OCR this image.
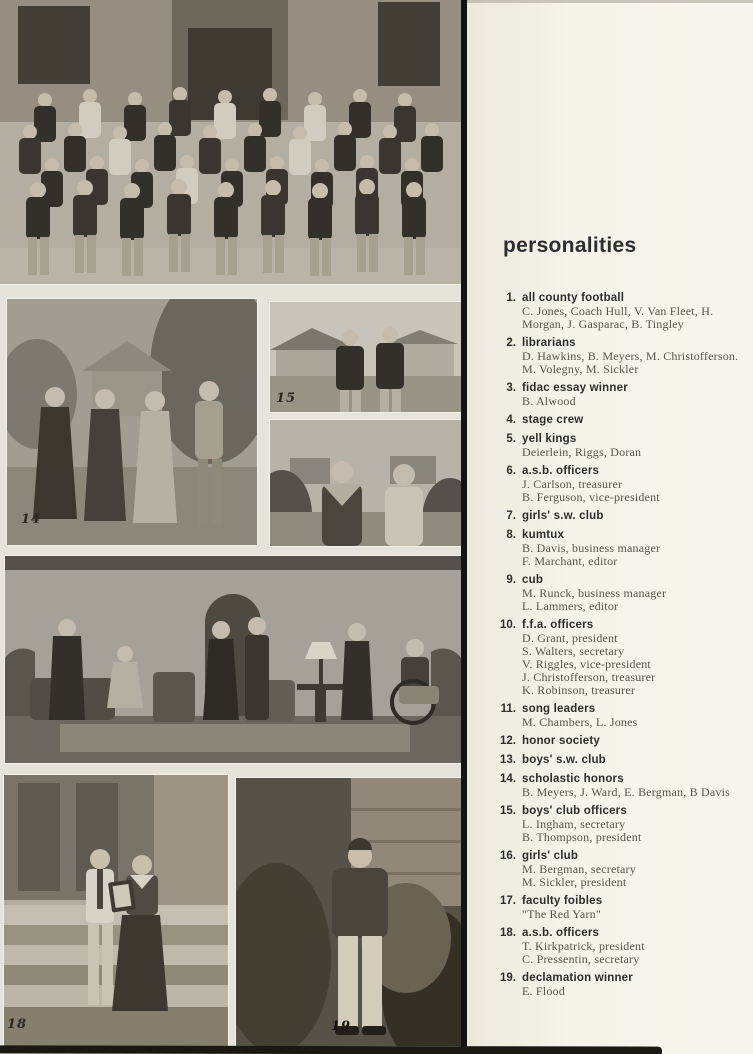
14
15
18	19
personalities
1. all county football
C. Jones, Coach Hull, V. Van Fleet, H.
Morgan, J. Gasparac, B. Tingley
2. librarians
D. Hawkins, B. Meyers, M. Christofferson.
M. Volegny, M. Sickler
3. fidac essay winner
B. Alwood
4. stage crew
5. yell kings
Deierlein, Riggs, Doran
6. a.s.b. officers
J. Carlson, treasurer
B. Ferguson, vice-president
7. girls' s.w. club
8. kumtux
B. Davis, business manager
F. Marchant, editor
9. cub
M. Runck, business manager
L. Lammers, editor
10. f.f.a. officers
D. Grant, president
S. Walters, secretary
V. Riggles, vice-president
J. Christofferson, treasurer
K. Robinson, treasurer
11. song leaders
M. Chambers, L. Jones
12. honor society
13. boys' s.w. club
14. scholastic honors
B. Meyers, J. Ward, E. Bergman, B Davis
15. boys' club officers
L. Ingham, secretary
B. Thompson, president
16. girls' club
M. Bergman, secretary
M. Sickler, president
17. faculty foibles
"The Red Yarn"
18. a.s.b. officers
T. Kirkpatrick, president
C. Pressentin, secretary
19. declamation winner
E. Flood
